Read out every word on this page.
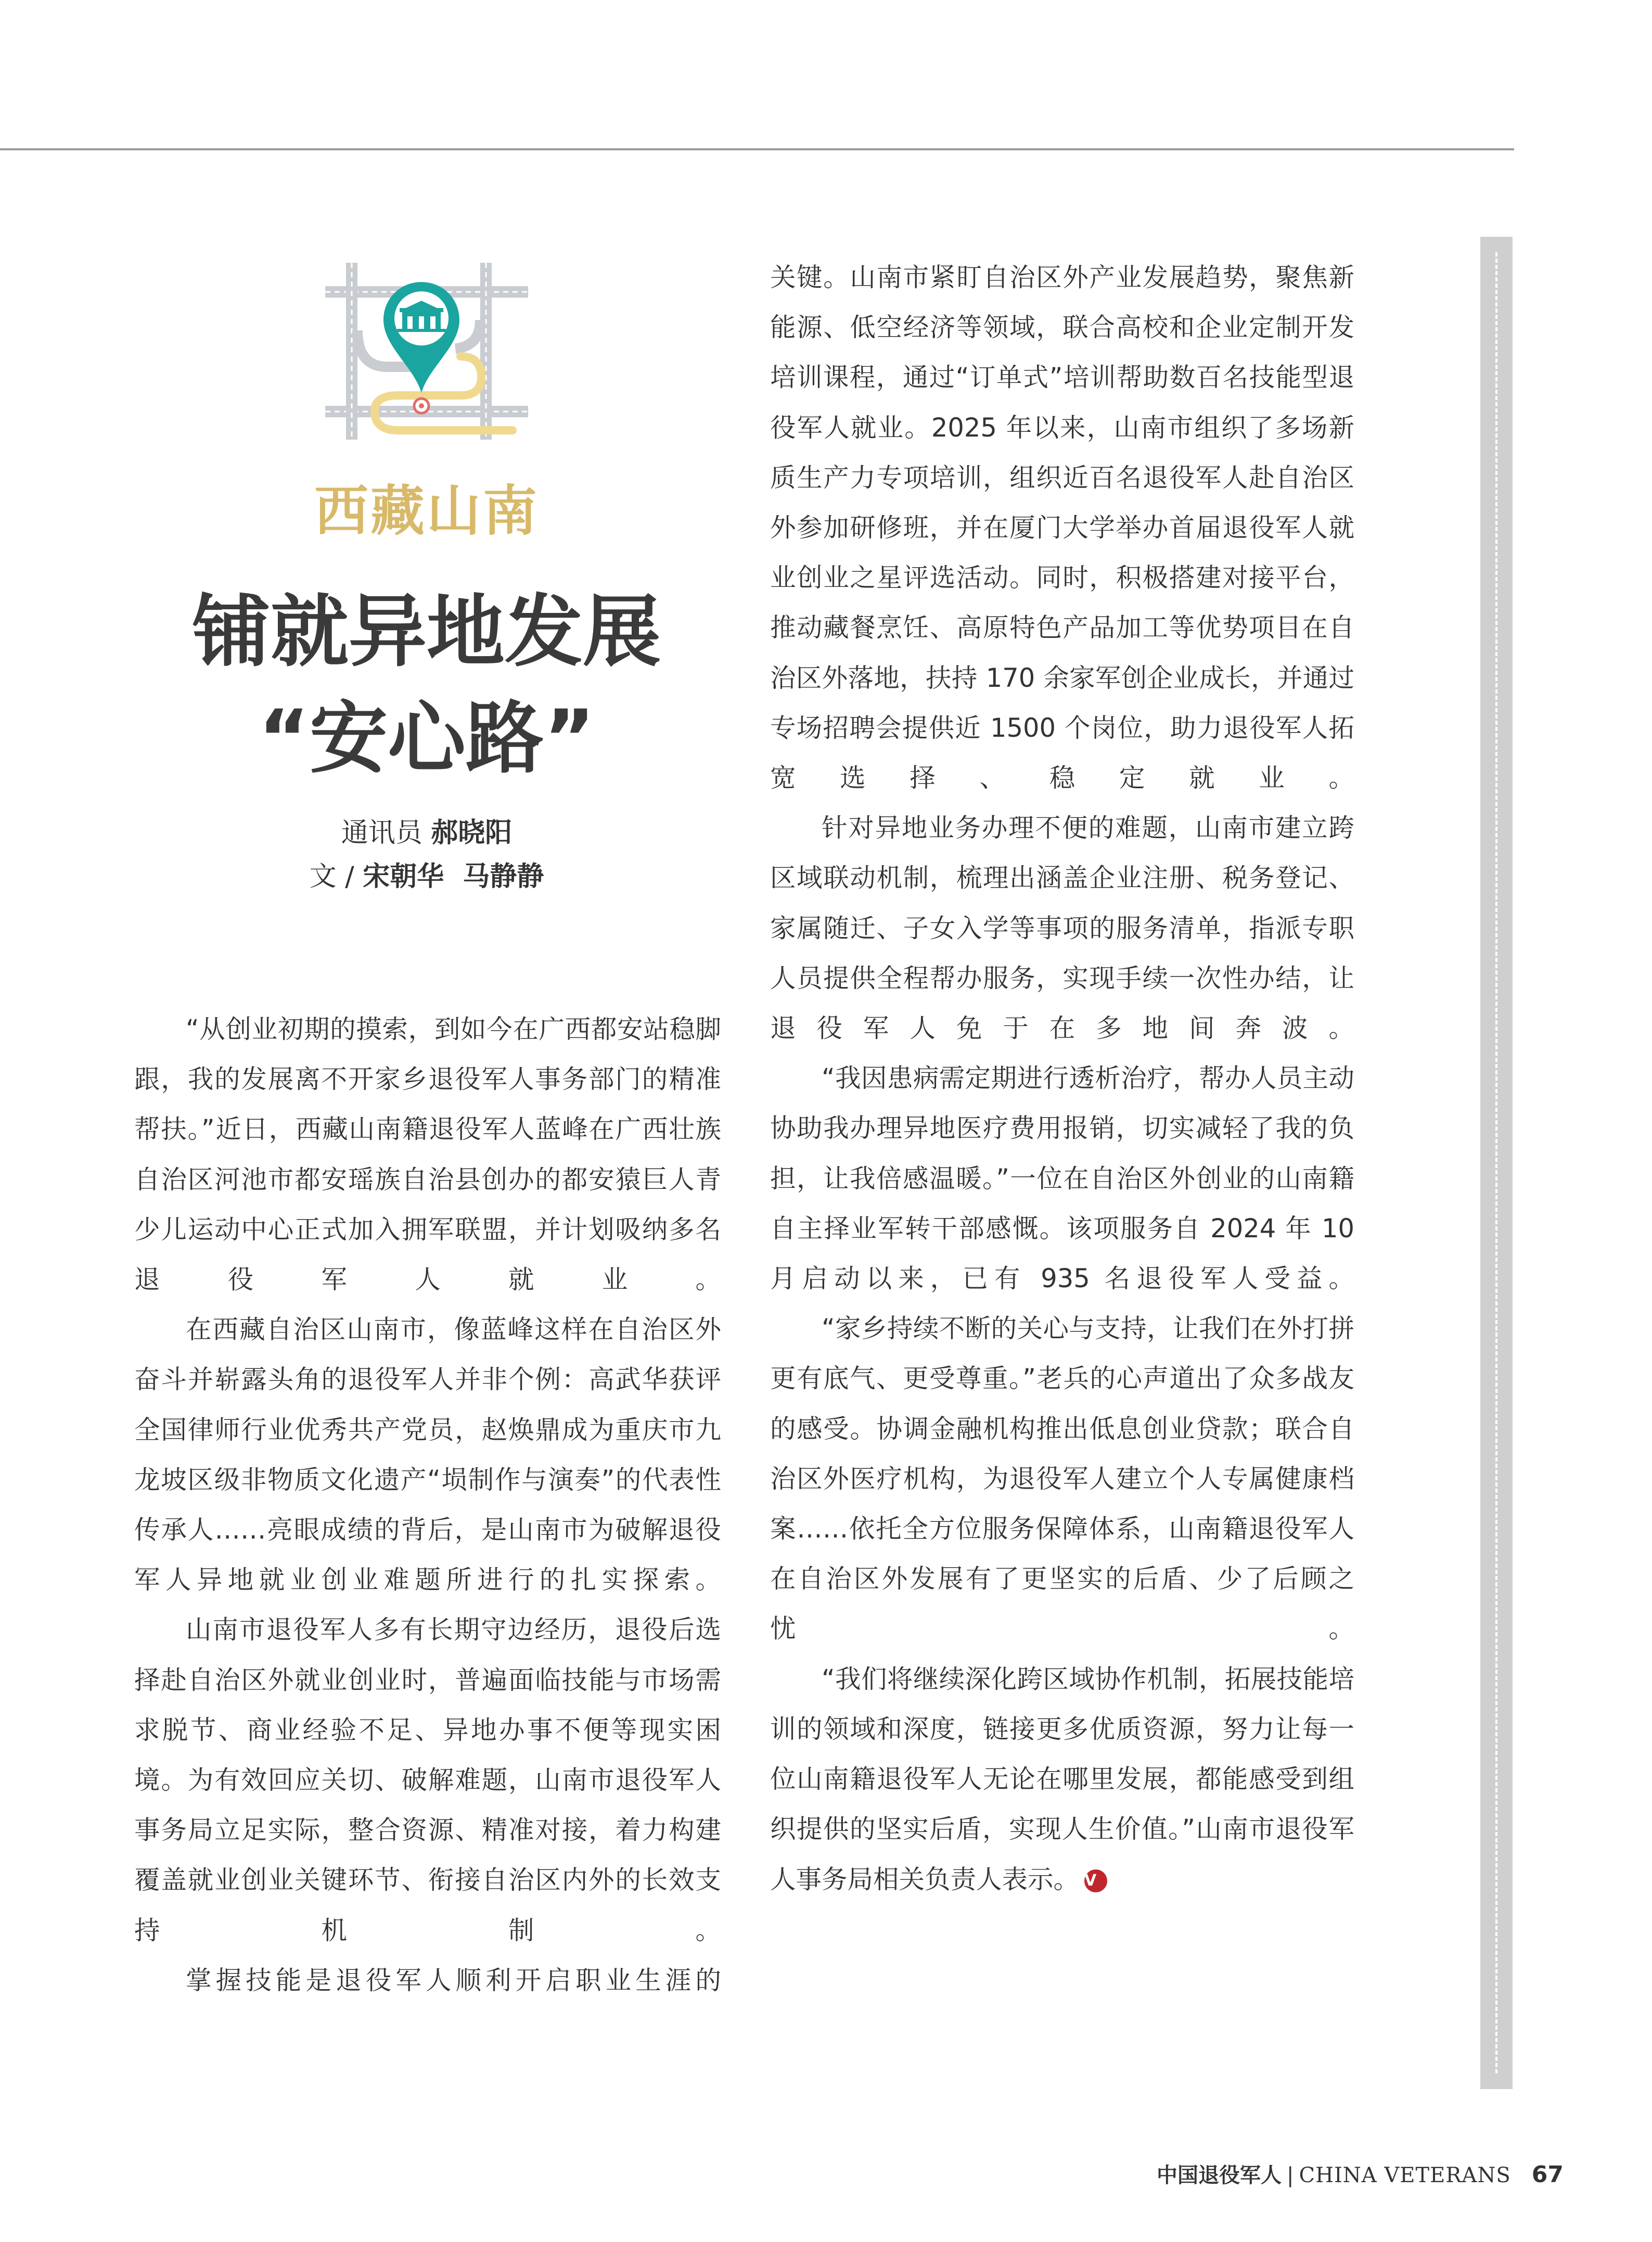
西藏山南
铺就异地发展
“安心路”
通讯员 郝晓阳
文 / 宋朝华  马静静

“从创业初期的摸索，到如今在广西都安站稳脚跟，我的发展离不开家乡退役军人事务部门的精准帮扶。”近日，西藏山南籍退役军人蓝峰在广西壮族自治区河池市都安瑶族自治县创办的都安猿巨人青少儿运动中心正式加入拥军联盟，并计划吸纳多名退役军人就业。

在西藏自治区山南市，像蓝峰这样在自治区外奋斗并崭露头角的退役军人并非个例：高武华获评全国律师行业优秀共产党员，赵焕鼎成为重庆市九龙坡区级非物质文化遗产“埙制作与演奏”的代表性传承人……亮眼成绩的背后，是山南市为破解退役军人异地就业创业难题所进行的扎实探索。

山南市退役军人多有长期守边经历，退役后选择赴自治区外就业创业时，普遍面临技能与市场需求脱节、商业经验不足、异地办事不便等现实困境。为有效回应关切、破解难题，山南市退役军人事务局立足实际，整合资源、精准对接，着力构建覆盖就业创业关键环节、衔接自治区内外的长效支持机制。

掌握技能是退役军人顺利开启职业生涯的

关键。山南市紧盯自治区外产业发展趋势，聚焦新能源、低空经济等领域，联合高校和企业定制开发培训课程，通过“订单式”培训帮助数百名技能型退役军人就业。2025 年以来，山南市组织了多场新质生产力专项培训，组织近百名退役军人赴自治区外参加研修班，并在厦门大学举办首届退役军人就业创业之星评选活动。同时，积极搭建对接平台，推动藏餐烹饪、高原特色产品加工等优势项目在自治区外落地，扶持 170 余家军创企业成长，并通过专场招聘会提供近 1500 个岗位，助力退役军人拓宽选择、稳定就业。

针对异地业务办理不便的难题，山南市建立跨区域联动机制，梳理出涵盖企业注册、税务登记、家属随迁、子女入学等事项的服务清单，指派专职人员提供全程帮办服务，实现手续一次性办结，让退役军人免于在多地间奔波。

“我因患病需定期进行透析治疗，帮办人员主动协助我办理异地医疗费用报销，切实减轻了我的负担，让我倍感温暖。”一位在自治区外创业的山南籍自主择业军转干部感慨。该项服务自 2024 年 10 月启动以来，已有 935 名退役军人受益。

“家乡持续不断的关心与支持，让我们在外打拼更有底气、更受尊重。”老兵的心声道出了众多战友的感受。协调金融机构推出低息创业贷款；联合自治区外医疗机构，为退役军人建立个人专属健康档案……依托全方位服务保障体系，山南籍退役军人在自治区外发展有了更坚实的后盾、少了后顾之忧。

“我们将继续深化跨区域协作机制，拓展技能培训的领域和深度，链接更多优质资源，努力让每一位山南籍退役军人无论在哪里发展，都能感受到组织提供的坚实后盾，实现人生价值。”山南市退役军人事务局相关负责人表示。 V

中国退役军人 | CHINA VETERANS 67
